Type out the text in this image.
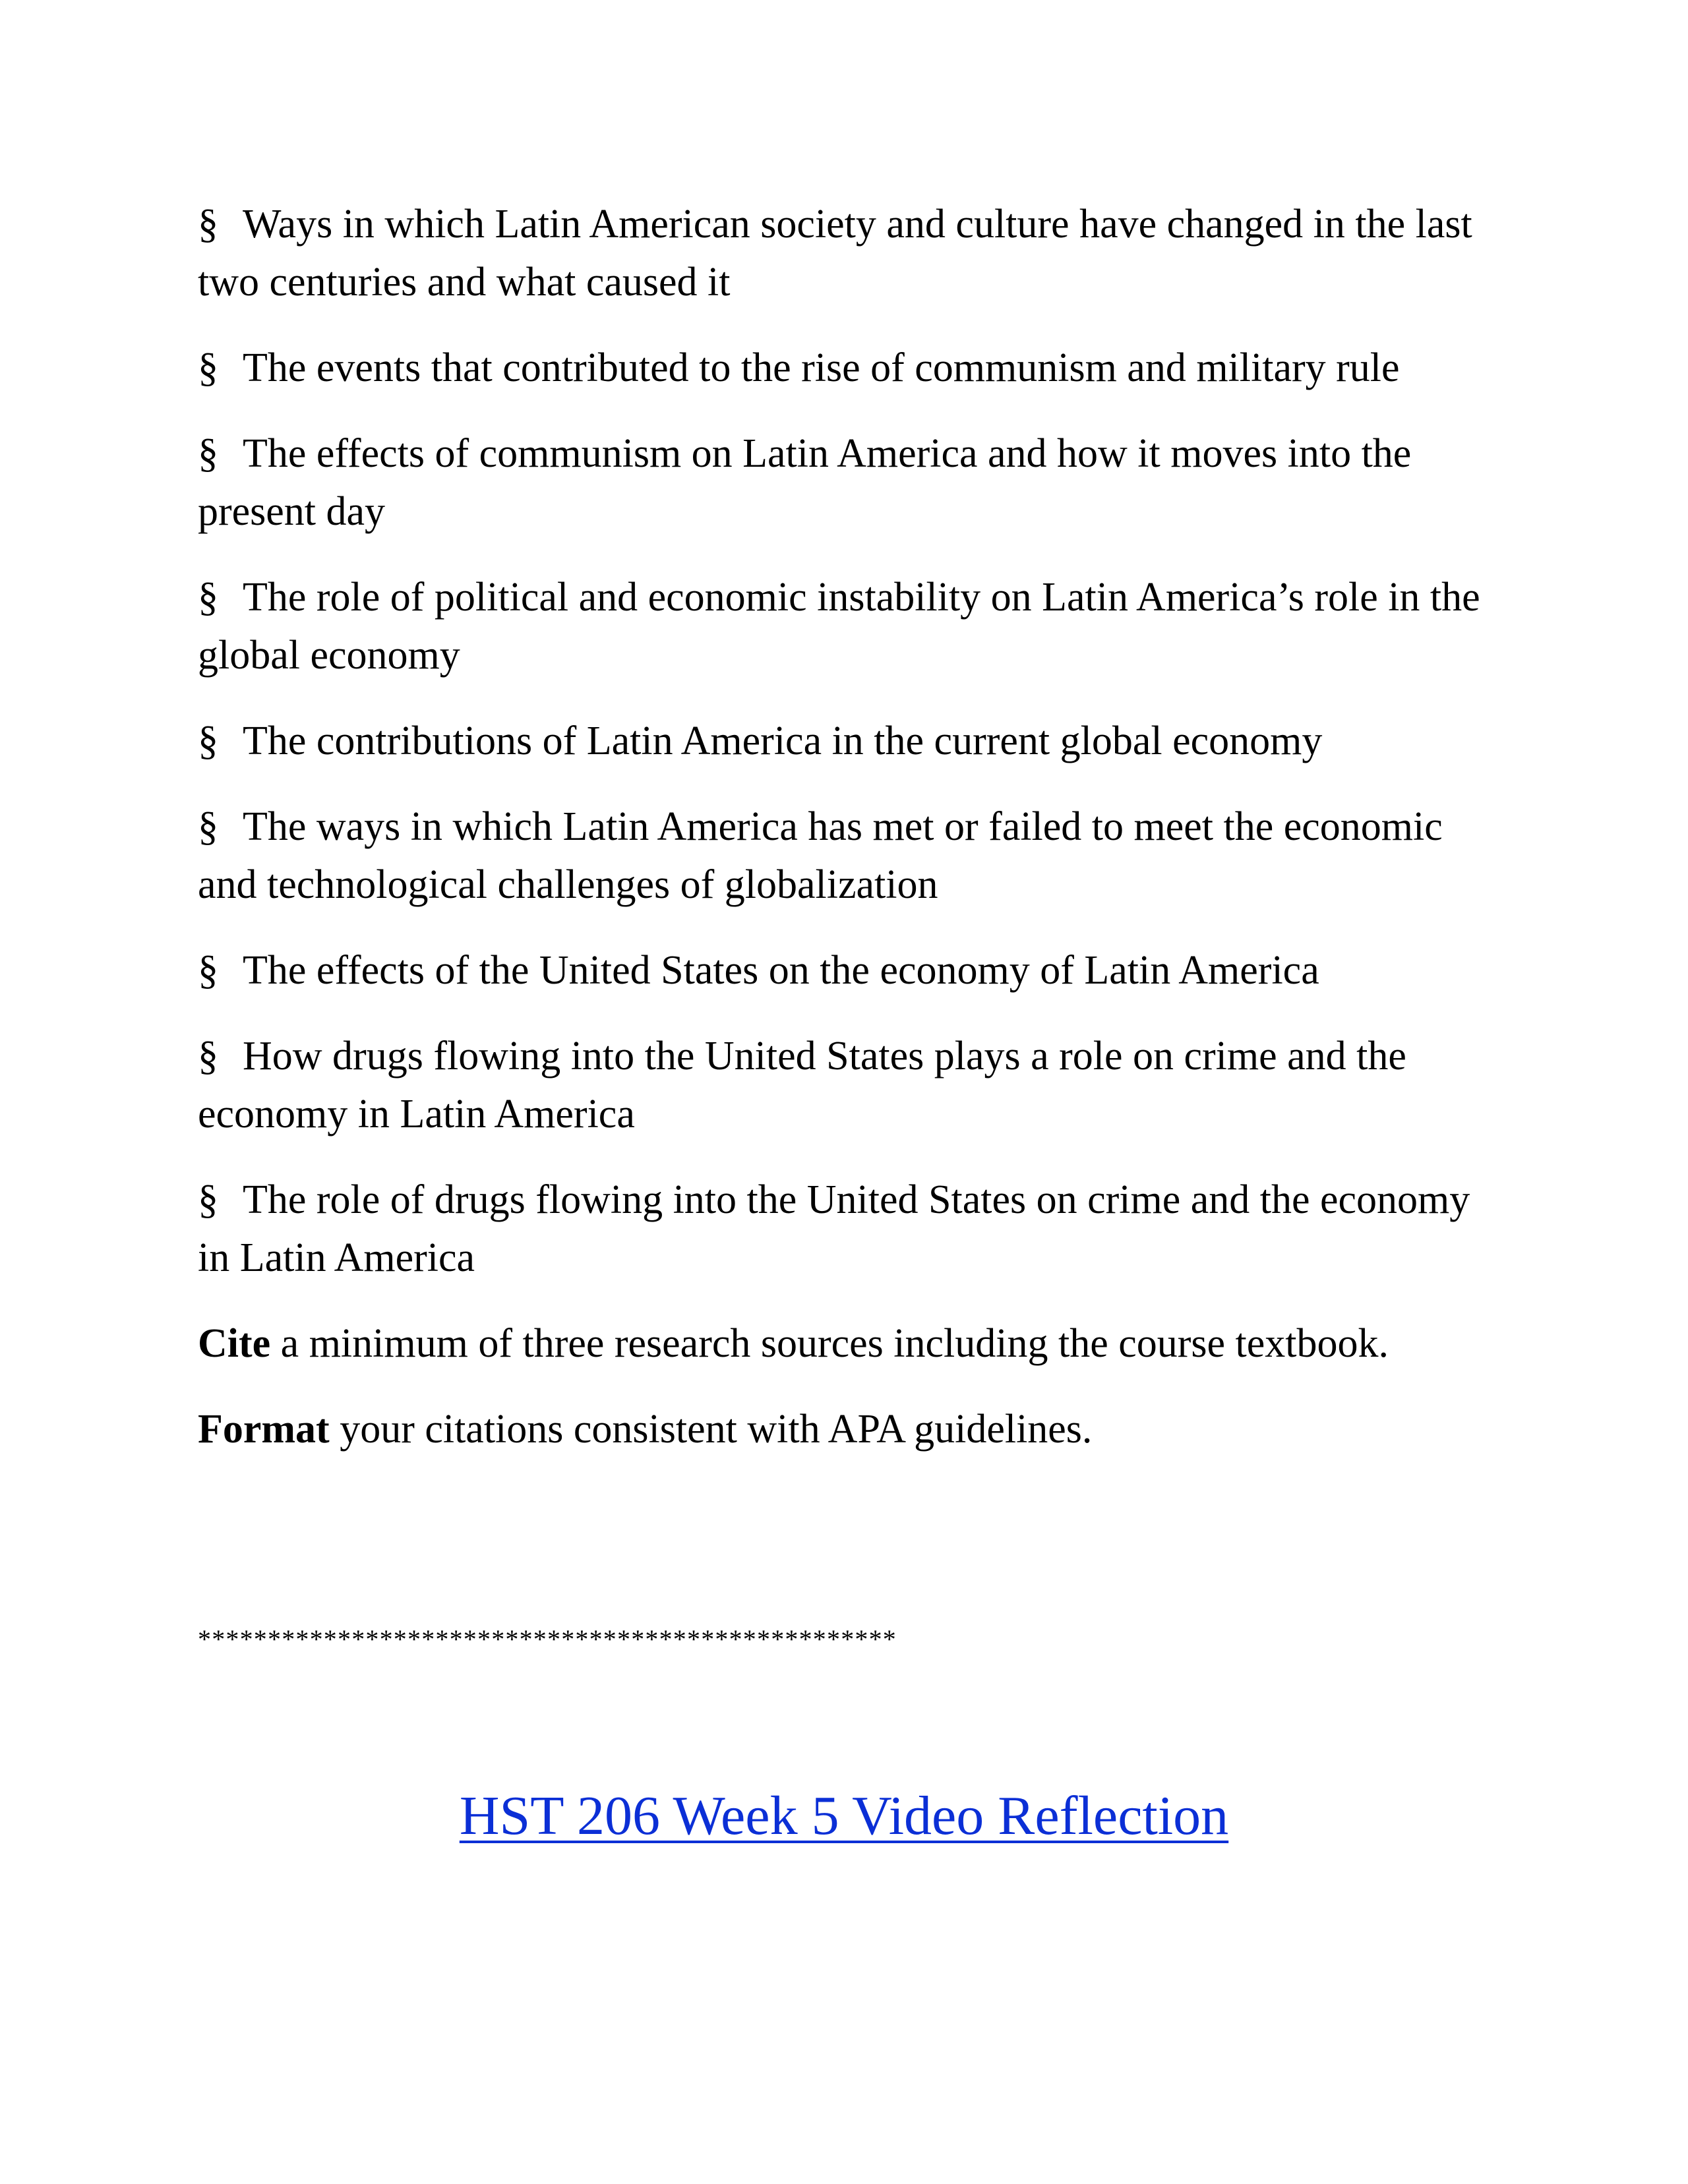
§ Ways in which Latin American society and culture have changed in the last two centuries and what caused it

§ The events that contributed to the rise of communism and military rule

§ The effects of communism on Latin America and how it moves into the present day

§ The role of political and economic instability on Latin America’s role in the global economy

§ The contributions of Latin America in the current global economy

§ The ways in which Latin America has met or failed to meet the economic and technological challenges of globalization

§ The effects of the United States on the economy of Latin America

§ How drugs flowing into the United States plays a role on crime and the economy in Latin America

§ The role of drugs flowing into the United States on crime and the economy in Latin America

Cite a minimum of three research sources including the course textbook.

Format your citations consistent with APA guidelines.

**************************************************
HST 206 Week 5 Video Reflection
